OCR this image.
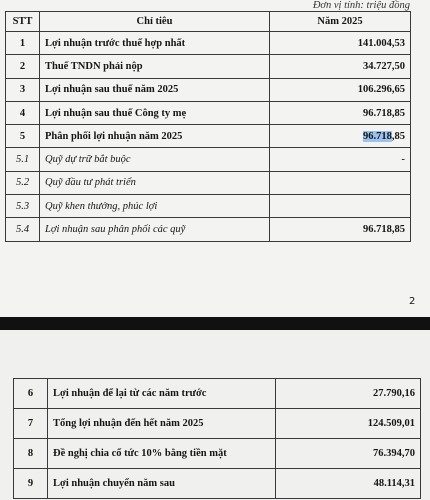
Đơn vị tính: triệu đồng
STT	Chỉ tiêu	Năm 2025
1	Lợi nhuận trước thuế hợp nhất	141.004,53
2	Thuế TNDN phải nộp	34.727,50
3	Lợi nhuận sau thuế năm 2025	106.296,65
4	Lợi nhuận sau thuế Công ty mẹ	96.718,85
5	Phân phối lợi nhuận năm 2025	96.718,85
5.1	Quỹ dự trữ bắt buộc	-
5.2	Quỹ đầu tư phát triển	
5.3	Quỹ khen thưởng, phúc lợi	
5.4	Lợi nhuận sau phân phối các quỹ	96.718,85
2
6	Lợi nhuận để lại từ các năm trước	27.790,16
7	Tổng lợi nhuận đến hết năm 2025	124.509,01
8	Đề nghị chia cổ tức 10% bằng tiền mặt	76.394,70
9	Lợi nhuận chuyển năm sau	48.114,31
